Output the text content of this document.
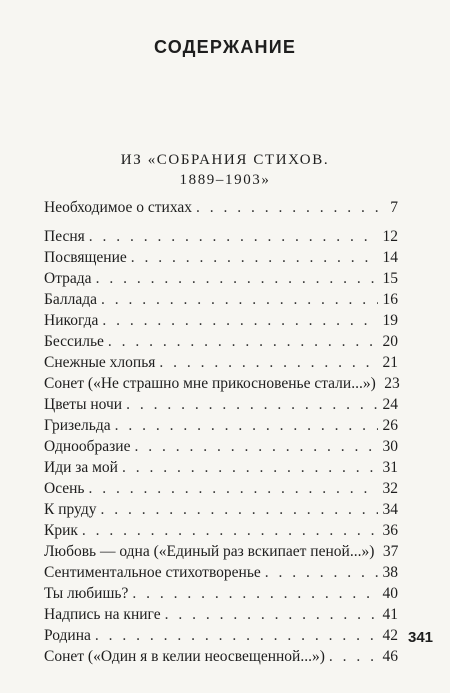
СОДЕРЖАНИЕ
ИЗ «СОБРАНИЯ СТИХОВ.
1889–1903»
Необходимое о стихах . . .	7
Песня . . .	12
Посвящение . . .	14
Отрада . . .	15
Баллада . . .	16
Никогда . . .	19
Бессилье . . .	20
Снежные хлопья . . .	21
Сонет («Не страшно мне прикосновенье стали...») 23
Цветы ночи . . .	24
Гризельда . . .	26
Однообразие . . .	30
Иди за мой . . .	31
Осень . . .	32
К пруду . . .	34
Крик . . .	36
Любовь — одна («Единый раз вскипает пеной...») 37
Сентиментальное стихотворенье . . .	38
Ты любишь? . . .	40
Надпись на книге . . .	41
Родина . . .	42
Сонет («Один я в келии неосвещенной...») . . .	46
341
